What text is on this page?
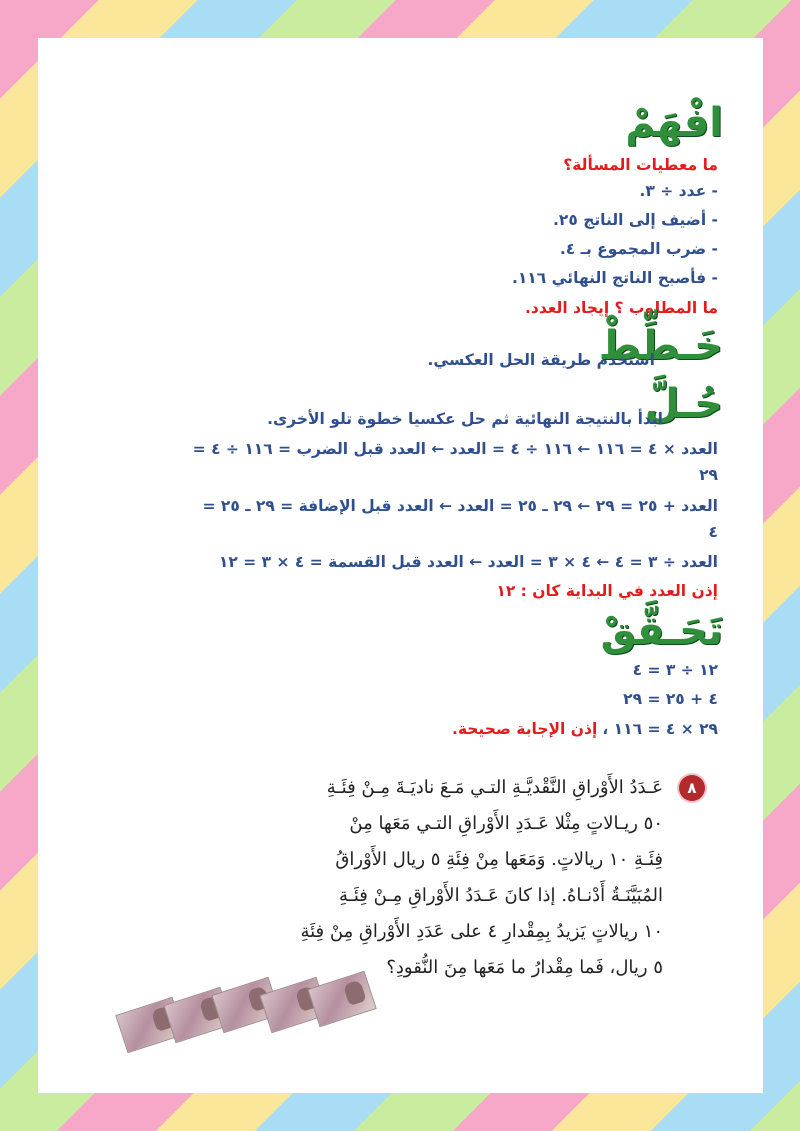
افْهَمْ
ما معطيات المسألة؟
- عدد ÷ ٣.
- أضيف إلى الناتج ٢٥.
- ضرب المجموع بـ ٤.
- فأصبح الناتج النهائي ١١٦.
ما المطلوب ؟ إيجاد العدد.
خَـطِّطْ
استخدم طريقة الحل العكسي.
حُـلَّ
ابدأ بالنتيجة النهائية ثم حل عكسيا خطوة تلو الأخرى.
العدد × ٤ = ١١٦ ← ١١٦ ÷ ٤ = العدد ← العدد قبل الضرب = ١١٦ ÷ ٤ =
٢٩
العدد + ٢٥ = ٢٩ ← ٢٩ ـ ٢٥ = العدد ← العدد قبل الإضافة = ٢٩ ـ ٢٥ =
٤
العدد ÷ ٣ = ٤ ← ٤ × ٣ = العدد ← العدد قبل القسمة = ٤ × ٣ = ١٢
إذن العدد في البداية كان : ١٢
تَحَـقَّقْ
١٢ ÷ ٣ = ٤
٤ + ٢٥ = ٢٩
٢٩ × ٤ = ١١٦ ، إذن الإجابة صحيحة.
٨
عَـدَدُ الأَوْراقِ النَّقْديَّـةِ التـي مَـعَ ناديَـةَ مِـنْ فِئَـةِ
٥٠ ريـالاتٍ مِثْلا عَـدَدِ الأَوْراقِ التـي مَعَها مِنْ
فِئَـةِ ١٠ ريالاتٍ. وَمَعَها مِنْ فِئَةِ ٥ ريال الأَوْراقُ
المُبَيَّنَـةُ أَدْنـاهُ. إذا كانَ عَـدَدُ الأَوْراقِ مِـنْ فِئَـةِ
١٠ ريالاتٍ يَزيدُ بِمِقْدارِ ٤ على عَدَدِ الأَوْراقِ مِنْ فِئَةِ
٥ ريال، فَما مِقْدارُ ما مَعَها مِنَ النُّقودِ؟
